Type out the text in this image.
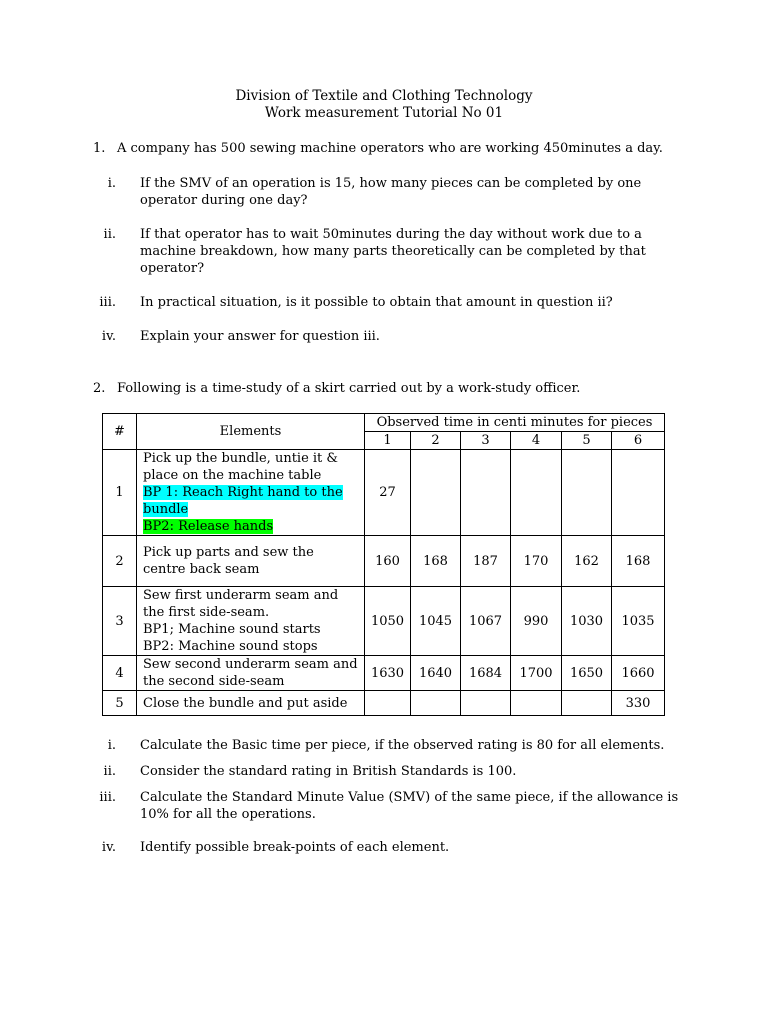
Division of Textile and Clothing Technology
Work measurement Tutorial No 01
1. A company has 500 sewing machine operators who are working 450minutes a day.
i. If the SMV of an operation is 15, how many pieces can be completed by one operator during one day?
ii. If that operator has to wait 50minutes during the day without work due to a machine breakdown, how many parts theoretically can be completed by that operator?
iii. In practical situation, is it possible to obtain that amount in question ii?
iv. Explain your answer for question iii.
2. Following is a time-study of a skirt carried out by a work-study officer.
#	Elements	Observed time in centi minutes for pieces					
		1	2	3	4	5	6
1	Pick up the bundle, untie it &
place on the machine table
BP 1: Reach Right hand to the
bundle
BP2: Release hands	27					
2	Pick up parts and sew the
centre back seam	160	168	187	170	162	168
3	Sew first underarm seam and
the first side-seam.
BP1; Machine sound starts
BP2: Machine sound stops	1050	1045	1067	990	1030	1035
4	Sew second underarm seam and
the second side-seam	1630	1640	1684	1700	1650	1660
5	Close the bundle and put aside						330
i. Calculate the Basic time per piece, if the observed rating is 80 for all elements.
ii. Consider the standard rating in British Standards is 100.
iii. Calculate the Standard Minute Value (SMV) of the same piece, if the allowance is 10% for all the operations.
iv. Identify possible break-points of each element.
